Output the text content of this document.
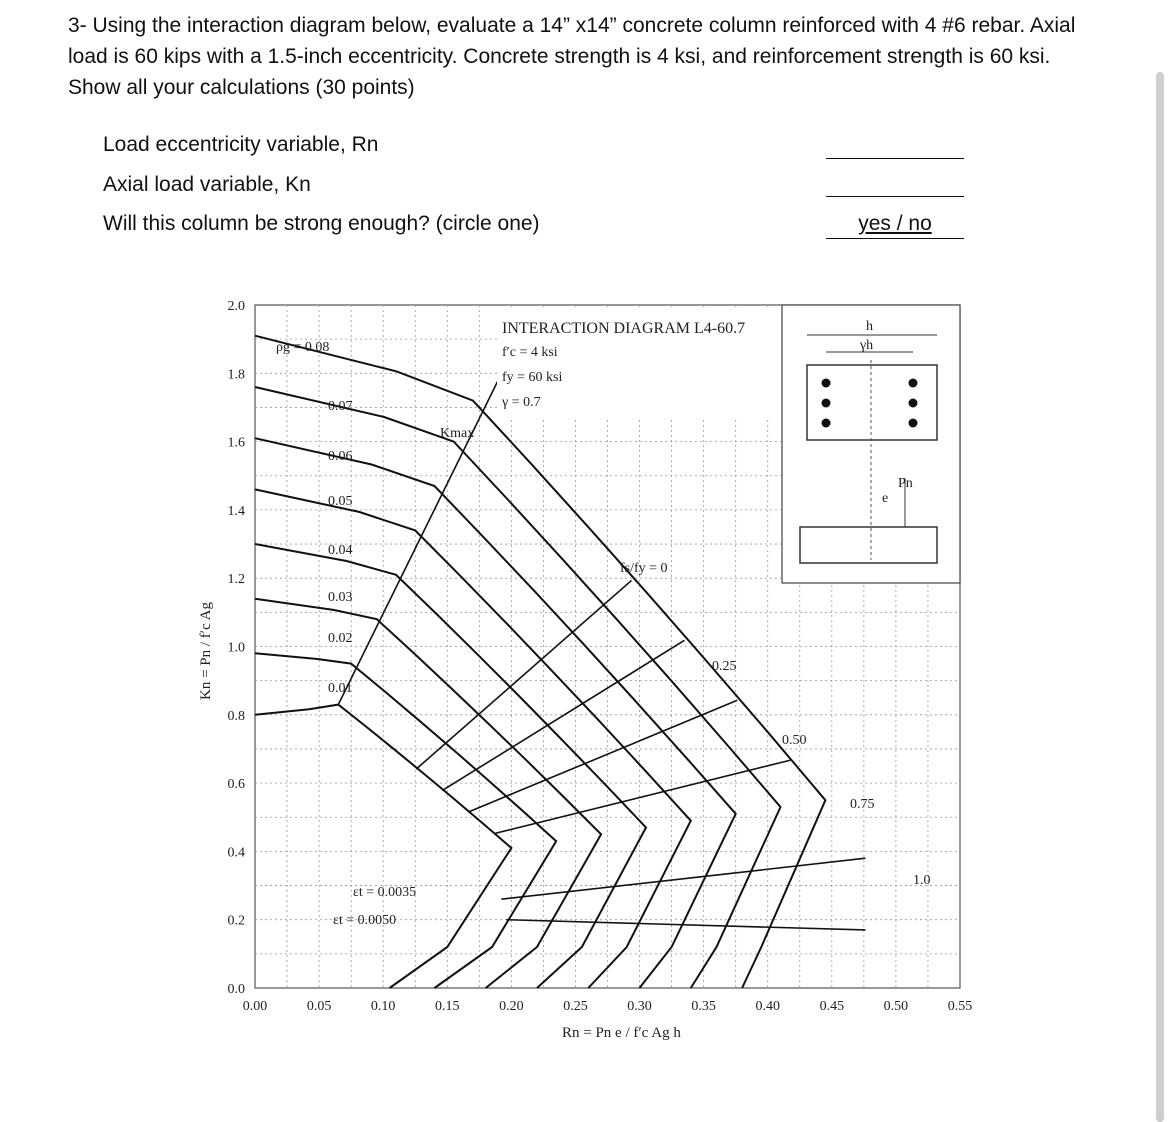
3- Using the interaction diagram below, evaluate a 14” x14” concrete column reinforced with 4 #6 rebar. Axial load is 60 kips with a 1.5-inch eccentricity. Concrete strength is 4 ksi, and reinforcement strength is 60 ksi. Show all your calculations (30 points)

Load eccentricity variable, Rn
Axial load variable, Kn
Will this column be strong enough? (circle one)	yes / no
0.00	0.05	0.10	0.15	0.20	0.25	0.30	0.35	0.40	0.45	0.50	0.55
0.0
0.2
0.4
0.6
0.8
1.0
1.2
1.4
1.6
1.8
2.0
INTERACTION DIAGRAM L4-60.7
f′c = 4 ksi
fy = 60 ksi
γ = 0.7
h
γh
Pn
e
Kmax
fs/fy = 0
εt = 0.0035
εt = 0.0050
0.25
0.50
0.75
1.0
ρg = 0.08
0.07
0.06
0.05
0.04
0.03
0.02
0.01
Rn = Pn e / f′c Ag h
Kn = Pn / f′c Ag
